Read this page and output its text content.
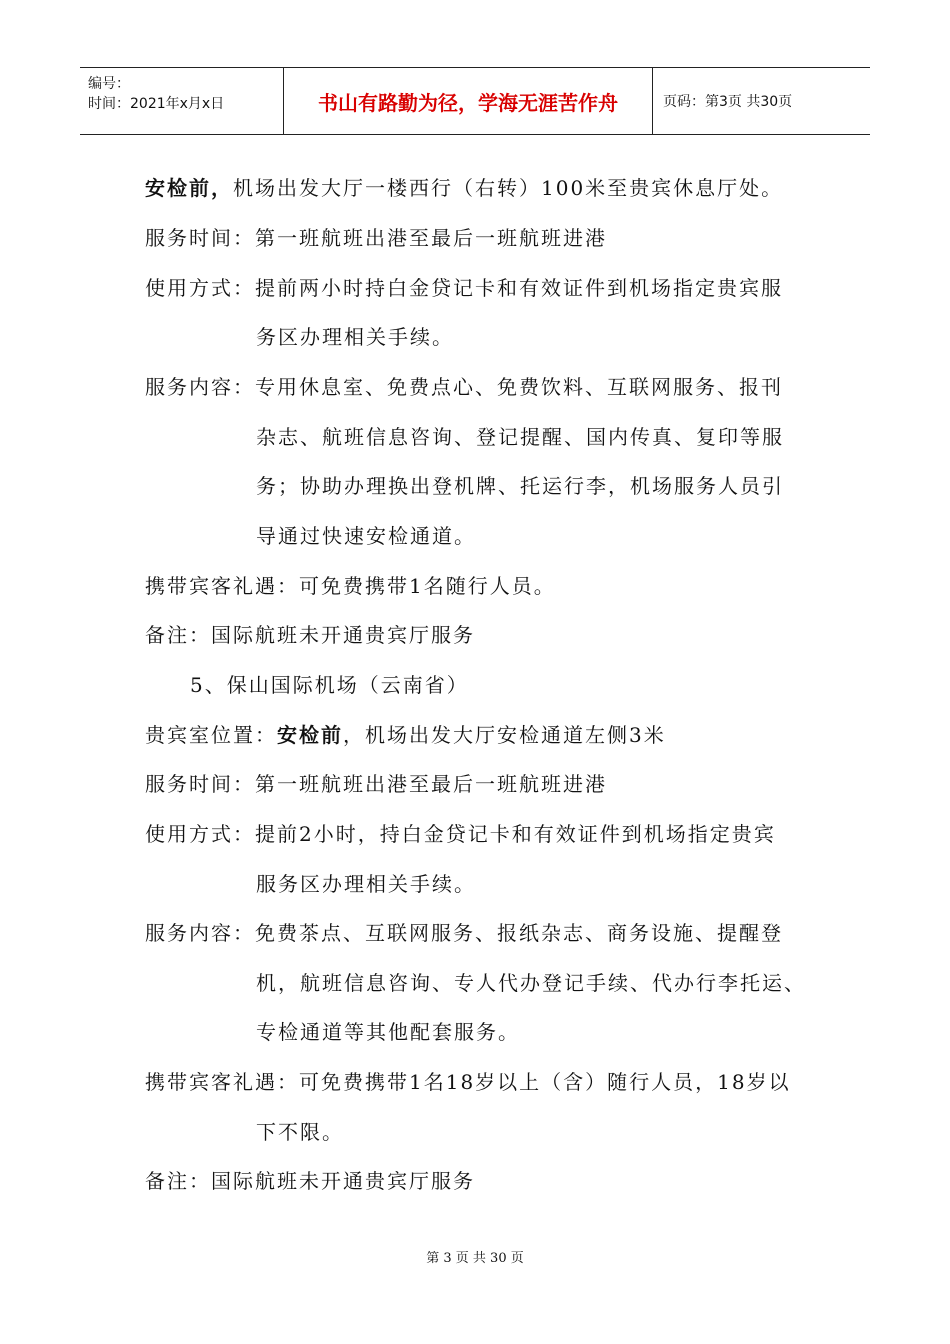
编号：
时间：2021年x月x日	书山有路勤为径，学海无涯苦作舟	页码：第3页 共30页
安检前，机场出发大厅一楼西行（右转）100米至贵宾休息厅处。
服务时间：第一班航班出港至最后一班航班进港
使用方式：提前两小时持白金贷记卡和有效证件到机场指定贵宾服
务区办理相关手续。
服务内容：专用休息室、免费点心、免费饮料、互联网服务、报刊
杂志、航班信息咨询、登记提醒、国内传真、复印等服
务；协助办理换出登机牌、托运行李，机场服务人员引
导通过快速安检通道。
携带宾客礼遇：可免费携带1名随行人员。
备注：国际航班未开通贵宾厅服务
5、保山国际机场（云南省）
贵宾室位置：安检前，机场出发大厅安检通道左侧3米
服务时间：第一班航班出港至最后一班航班进港
使用方式：提前2小时，持白金贷记卡和有效证件到机场指定贵宾
服务区办理相关手续。
服务内容：免费茶点、互联网服务、报纸杂志、商务设施、提醒登
机，航班信息咨询、专人代办登记手续、代办行李托运、
专检通道等其他配套服务。
携带宾客礼遇：可免费携带1名18岁以上（含）随行人员，18岁以
下不限。
备注：国际航班未开通贵宾厅服务
第 3 页 共 30 页
